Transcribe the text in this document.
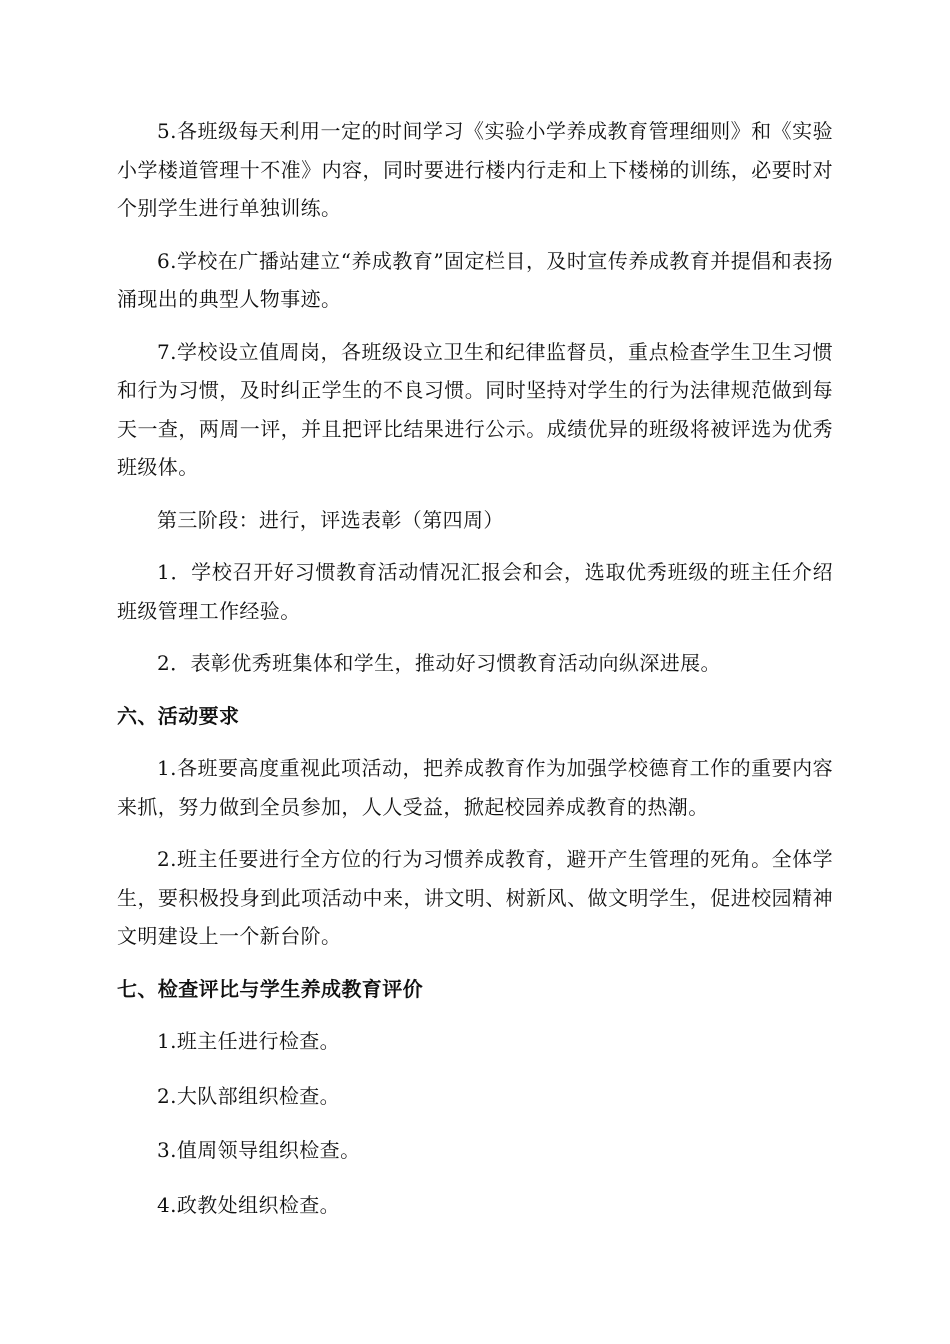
5.各班级每天利用一定的时间学习《实验小学养成教育管理细则》和《实验小学楼道管理十不准》内容，同时要进行楼内行走和上下楼梯的训练，必要时对个别学生进行单独训练。

6.学校在广播站建立“养成教育”固定栏目，及时宣传养成教育并提倡和表扬涌现出的典型人物事迹。

7.学校设立值周岗，各班级设立卫生和纪律监督员，重点检查学生卫生习惯和行为习惯，及时纠正学生的不良习惯。同时坚持对学生的行为法律规范做到每天一查，两周一评，并且把评比结果进行公示。成绩优异的班级将被评选为优秀班级体。

第三阶段：进行，评选表彰（第四周）

1．学校召开好习惯教育活动情况汇报会和会，选取优秀班级的班主任介绍班级管理工作经验。

2．表彰优秀班集体和学生，推动好习惯教育活动向纵深进展。

六、活动要求

1.各班要高度重视此项活动，把养成教育作为加强学校德育工作的重要内容来抓，努力做到全员参加，人人受益，掀起校园养成教育的热潮。

2.班主任要进行全方位的行为习惯养成教育，避开产生管理的死角。全体学生，要积极投身到此项活动中来，讲文明、树新风、做文明学生，促进校园精神文明建设上一个新台阶。

七、检查评比与学生养成教育评价

1.班主任进行检查。

2.大队部组织检查。

3.值周领导组织检查。

4.政教处组织检查。
